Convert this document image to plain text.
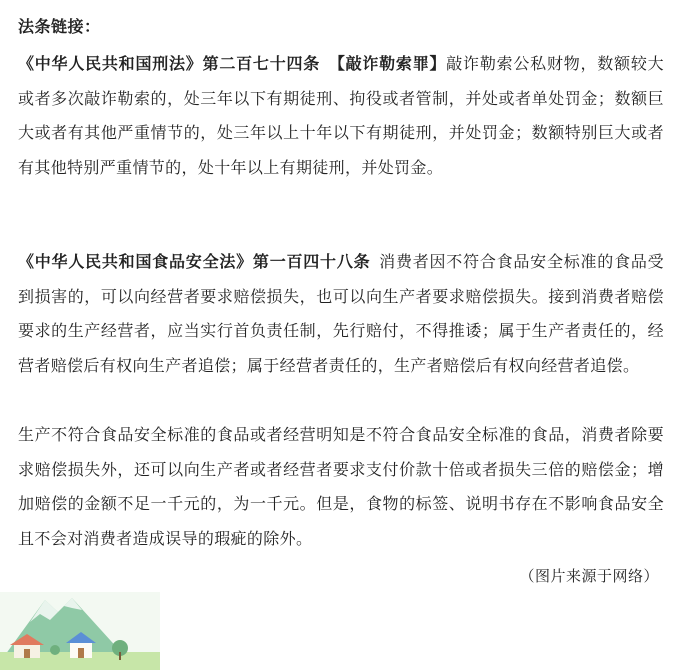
法条链接：

《中华人民共和国刑法》第二百七十四条　 【敲诈勒索罪】敲诈勒索公私财物，数额较大或者多次敲诈勒索的，处三年以下有期徒刑、拘役或者管制，并处或者单处罚金；数额巨大或者有其他严重情节的，处三年以上十年以下有期徒刑，并处罚金；数额特别巨大或者有其他特别严重情节的，处十年以上有期徒刑，并处罚金。

《中华人民共和国食品安全法》第一百四十八条  消费者因不符合食品安全标准的食品受到损害的，可以向经营者要求赔偿损失，也可以向生产者要求赔偿损失。接到消费者赔偿要求的生产经营者，应当实行首负责任制，先行赔付，不得推诿；属于生产者责任的，经营者赔偿后有权向生产者追偿；属于经营者责任的，生产者赔偿后有权向经营者追偿。

生产不符合食品安全标准的食品或者经营明知是不符合食品安全标准的食品，消费者除要求赔偿损失外，还可以向生产者或者经营者要求支付价款十倍或者损失三倍的赔偿金；增加赔偿的金额不足一千元的，为一千元。但是，食物的标签、说明书存在不影响食品安全且不会对消费者造成误导的瑕疵的除外。

（图片来源于网络）
